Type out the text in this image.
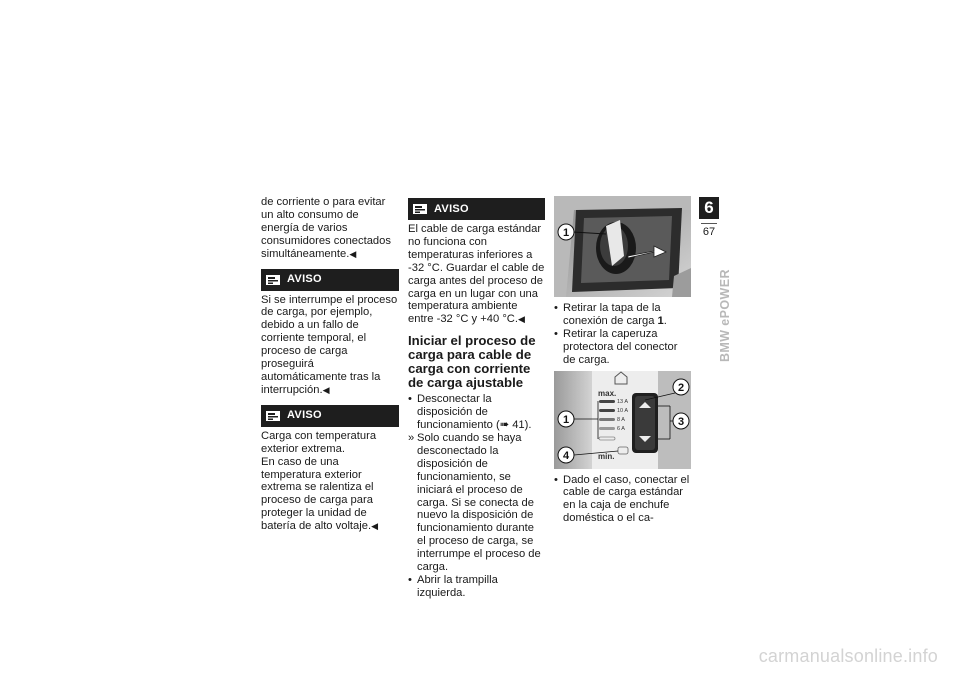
de corriente o para evitar un alto consumo de energía de varios consumidores conectados simultáneamente.◀

AVISO

Si se interrumpe el proceso de carga, por ejemplo, debido a un fallo de corriente temporal, el proceso de carga proseguirá automáticamente tras la interrupción.◀

AVISO

Carga con temperatura exterior extrema.

En caso de una temperatura exterior extrema se ralentiza el proceso de carga para proteger la unidad de batería de alto voltaje.◀

AVISO

El cable de carga estándar no funciona con temperaturas inferiores a -32 °C. Guardar el cable de carga antes del proceso de carga en un lugar con una temperatura ambiente entre -32 °C y +40 °C.◀

Iniciar el proceso de carga para cable de carga con corriente de carga ajustable

• Desconectar la disposición de funcionamiento (➠ 41).
» Solo cuando se haya desconectado la disposición de funcionamiento, se iniciará el proceso de carga. Si se conecta de nuevo la disposición de funcionamiento durante el proceso de carga, se interrumpe el proceso de carga.
• Abrir la trampilla izquierda.
1
• Retirar la tapa de la conexión de carga 1.
• Retirar la caperuza protectora del conector de carga.
max.
13 A
10 A
8 A
6 A
min.
1
2
3
4
• Dado el caso, conectar el cable de carga estándar en la caja de enchufe doméstica o el ca-
6
67
BMW ePOWER
carmanualsonline.info
